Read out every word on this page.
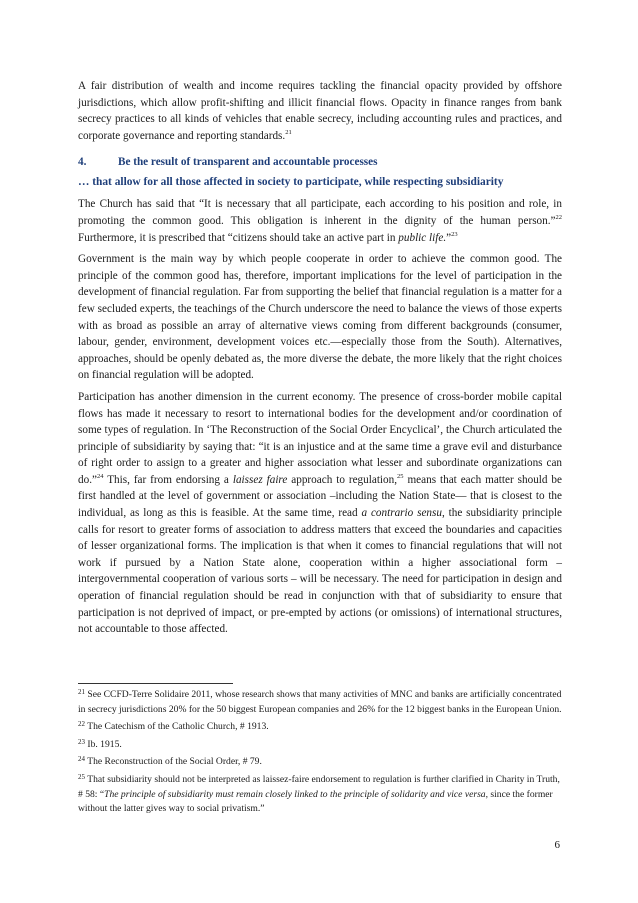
A fair distribution of wealth and income requires tackling the financial opacity provided by offshore jurisdictions, which allow profit-shifting and illicit financial flows. Opacity in finance ranges from bank secrecy practices to all kinds of vehicles that enable secrecy, including accounting rules and practices, and corporate governance and reporting standards.$^{21}$

4.	Be the result of transparent and accountable processes
… that allow for all those affected in society to participate, while respecting subsidiarity

The Church has said that “It is necessary that all participate, each according to his position and role, in promoting the common good. This obligation is inherent in the dignity of the human person.”$^{22}$ Furthermore, it is prescribed that “citizens should take an active part in public life.”$^{23}$

Government is the main way by which people cooperate in order to achieve the common good. The principle of the common good has, therefore, important implications for the level of participation in the development of financial regulation. Far from supporting the belief that financial regulation is a matter for a few secluded experts, the teachings of the Church underscore the need to balance the views of those experts with as broad as possible an array of alternative views coming from different backgrounds (consumer, labour, gender, environment, development voices etc.—especially those from the South). Alternatives, approaches, should be openly debated as, the more diverse the debate, the more likely that the right choices on financial regulation will be adopted.

Participation has another dimension in the current economy. The presence of cross-border mobile capital flows has made it necessary to resort to international bodies for the development and/or coordination of some types of regulation. In ‘The Reconstruction of the Social Order Encyclical’, the Church articulated the principle of subsidiarity by saying that: “it is an injustice and at the same time a grave evil and disturbance of right order to assign to a greater and higher association what lesser and subordinate organizations can do.”$^{24}$ This, far from endorsing a laissez faire approach to regulation,$^{25}$ means that each matter should be first handled at the level of government or association –including the Nation State— that is closest to the individual, as long as this is feasible. At the same time, read a contrario sensu, the subsidiarity principle calls for resort to greater forms of association to address matters that exceed the boundaries and capacities of lesser organizational forms. The implication is that when it comes to financial regulations that will not work if pursued by a Nation State alone, cooperation within a higher associational form – intergovernmental cooperation of various sorts – will be necessary. The need for participation in design and operation of financial regulation should be read in conjunction with that of subsidiarity to ensure that participation is not deprived of impact, or pre-empted by actions (or omissions) of international structures, not accountable to those affected.

$^{21}$ See CCFD-Terre Solidaire 2011, whose research shows that many activities of MNC and banks are artificially concentrated in secrecy jurisdictions 20% for the 50 biggest European companies and 26% for the 12 biggest banks in the European Union.

$^{22}$ The Catechism of the Catholic Church, # 1913.

$^{23}$ Ib. 1915.

$^{24}$ The Reconstruction of the Social Order, # 79.

$^{25}$ That subsidiarity should not be interpreted as laissez-faire endorsement to regulation is further clarified in Charity in Truth, # 58: “The principle of subsidiarity must remain closely linked to the principle of solidarity and vice versa, since the former without the latter gives way to social privatism.”

6
